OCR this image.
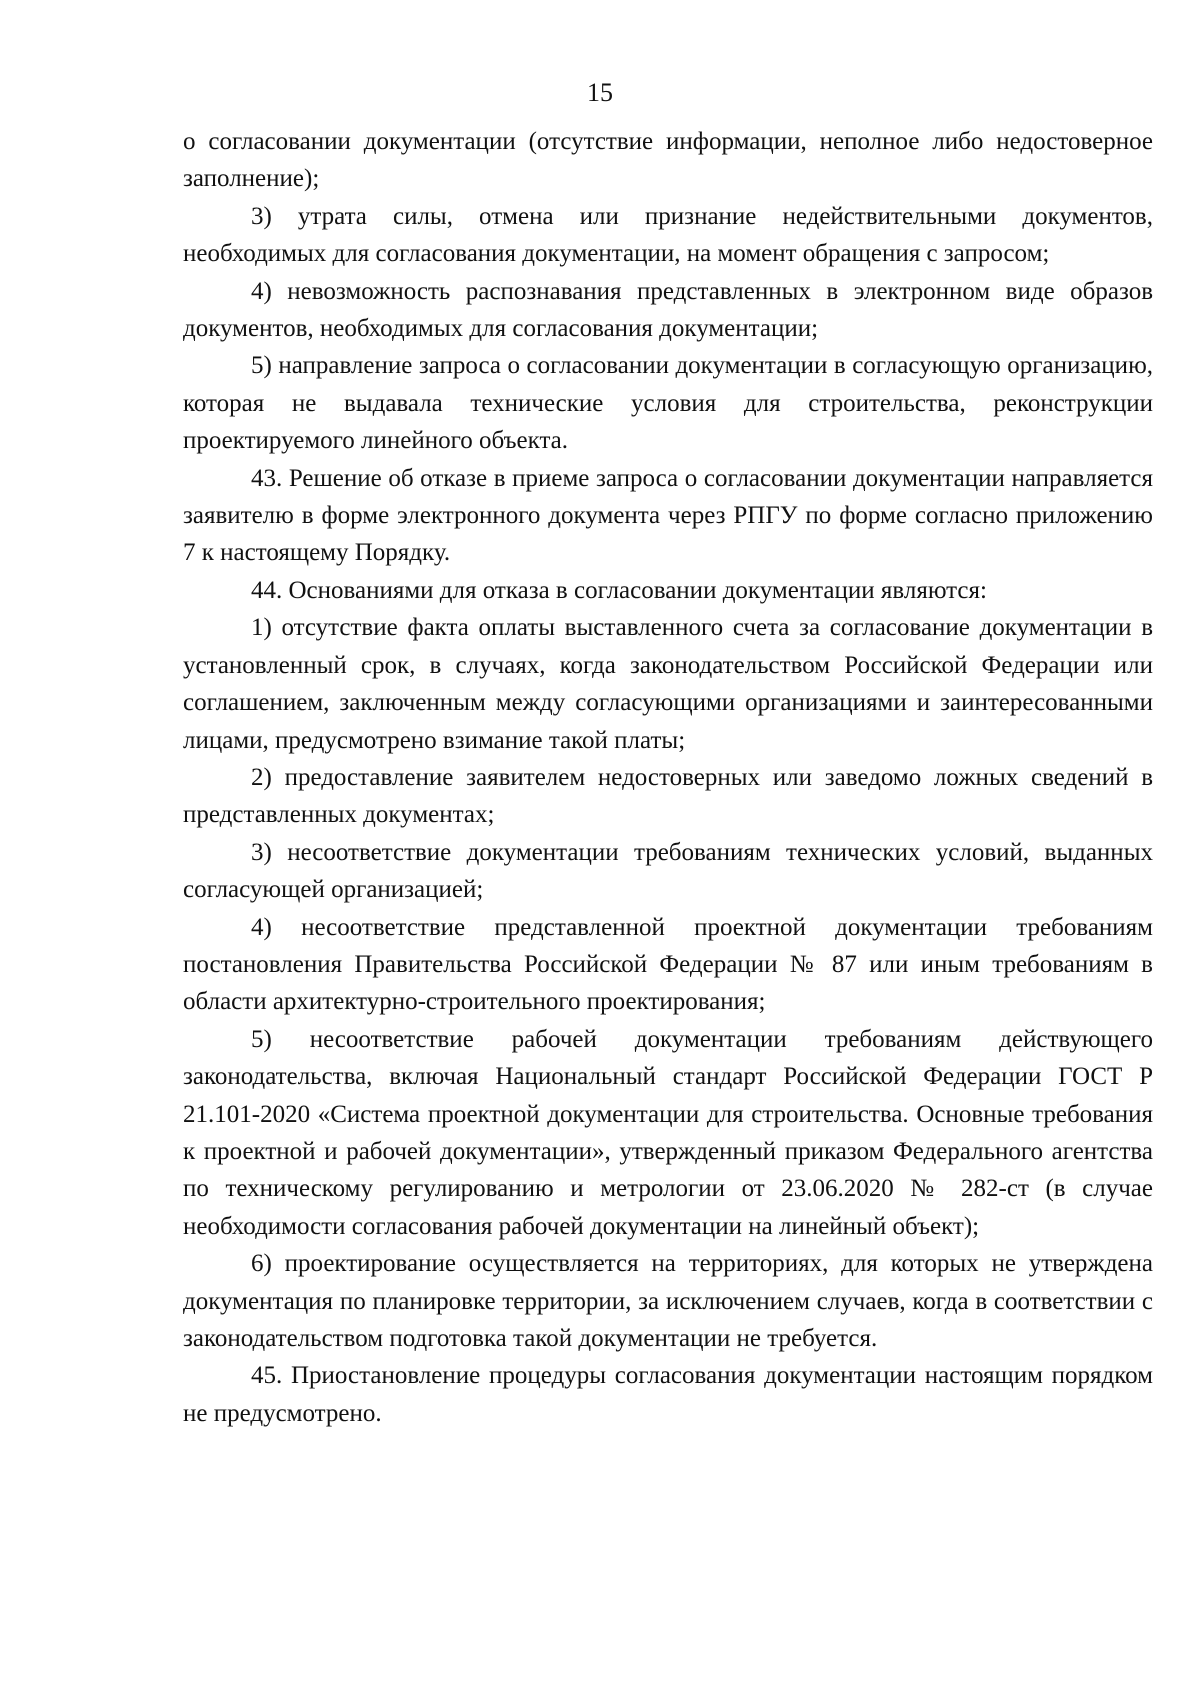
15

о согласовании документации (отсутствие информации, неполное либо недостоверное заполнение);

3) утрата силы, отмена или признание недействительными документов, необходимых для согласования документации, на момент обращения с запросом;

4) невозможность распознавания представленных в электронном виде образов документов, необходимых для согласования документации;

5) направление запроса о согласовании документации в согласующую организацию, которая не выдавала технические условия для строительства, реконструкции проектируемого линейного объекта.

43. Решение об отказе в приеме запроса о согласовании документации направляется заявителю в форме электронного документа через РПГУ по форме согласно приложению 7 к настоящему Порядку.

44. Основаниями для отказа в согласовании документации являются:

1) отсутствие факта оплаты выставленного счета за согласование документации в установленный срок, в случаях, когда законодательством Российской Федерации или соглашением, заключенным между согласующими организациями и заинтересованными лицами, предусмотрено взимание такой платы;

2) предоставление заявителем недостоверных или заведомо ложных сведений в представленных документах;

3) несоответствие документации требованиям технических условий, выданных согласующей организацией;

4) несоответствие представленной проектной документации требованиям постановления Правительства Российской Федерации № 87 или иным требованиям в области архитектурно-строительного проектирования;

5) несоответствие рабочей документации требованиям действующего законодательства, включая Национальный стандарт Российской Федерации ГОСТ Р 21.101-2020 «Система проектной документации для строительства. Основные требования к проектной и рабочей документации», утвержденный приказом Федерального агентства по техническому регулированию и метрологии от 23.06.2020 № 282-ст (в случае необходимости согласования рабочей документации на линейный объект);

6) проектирование осуществляется на территориях, для которых не утверждена документация по планировке территории, за исключением случаев, когда в соответствии с законодательством подготовка такой документации не требуется.

45. Приостановление процедуры согласования документации настоящим порядком не предусмотрено.
